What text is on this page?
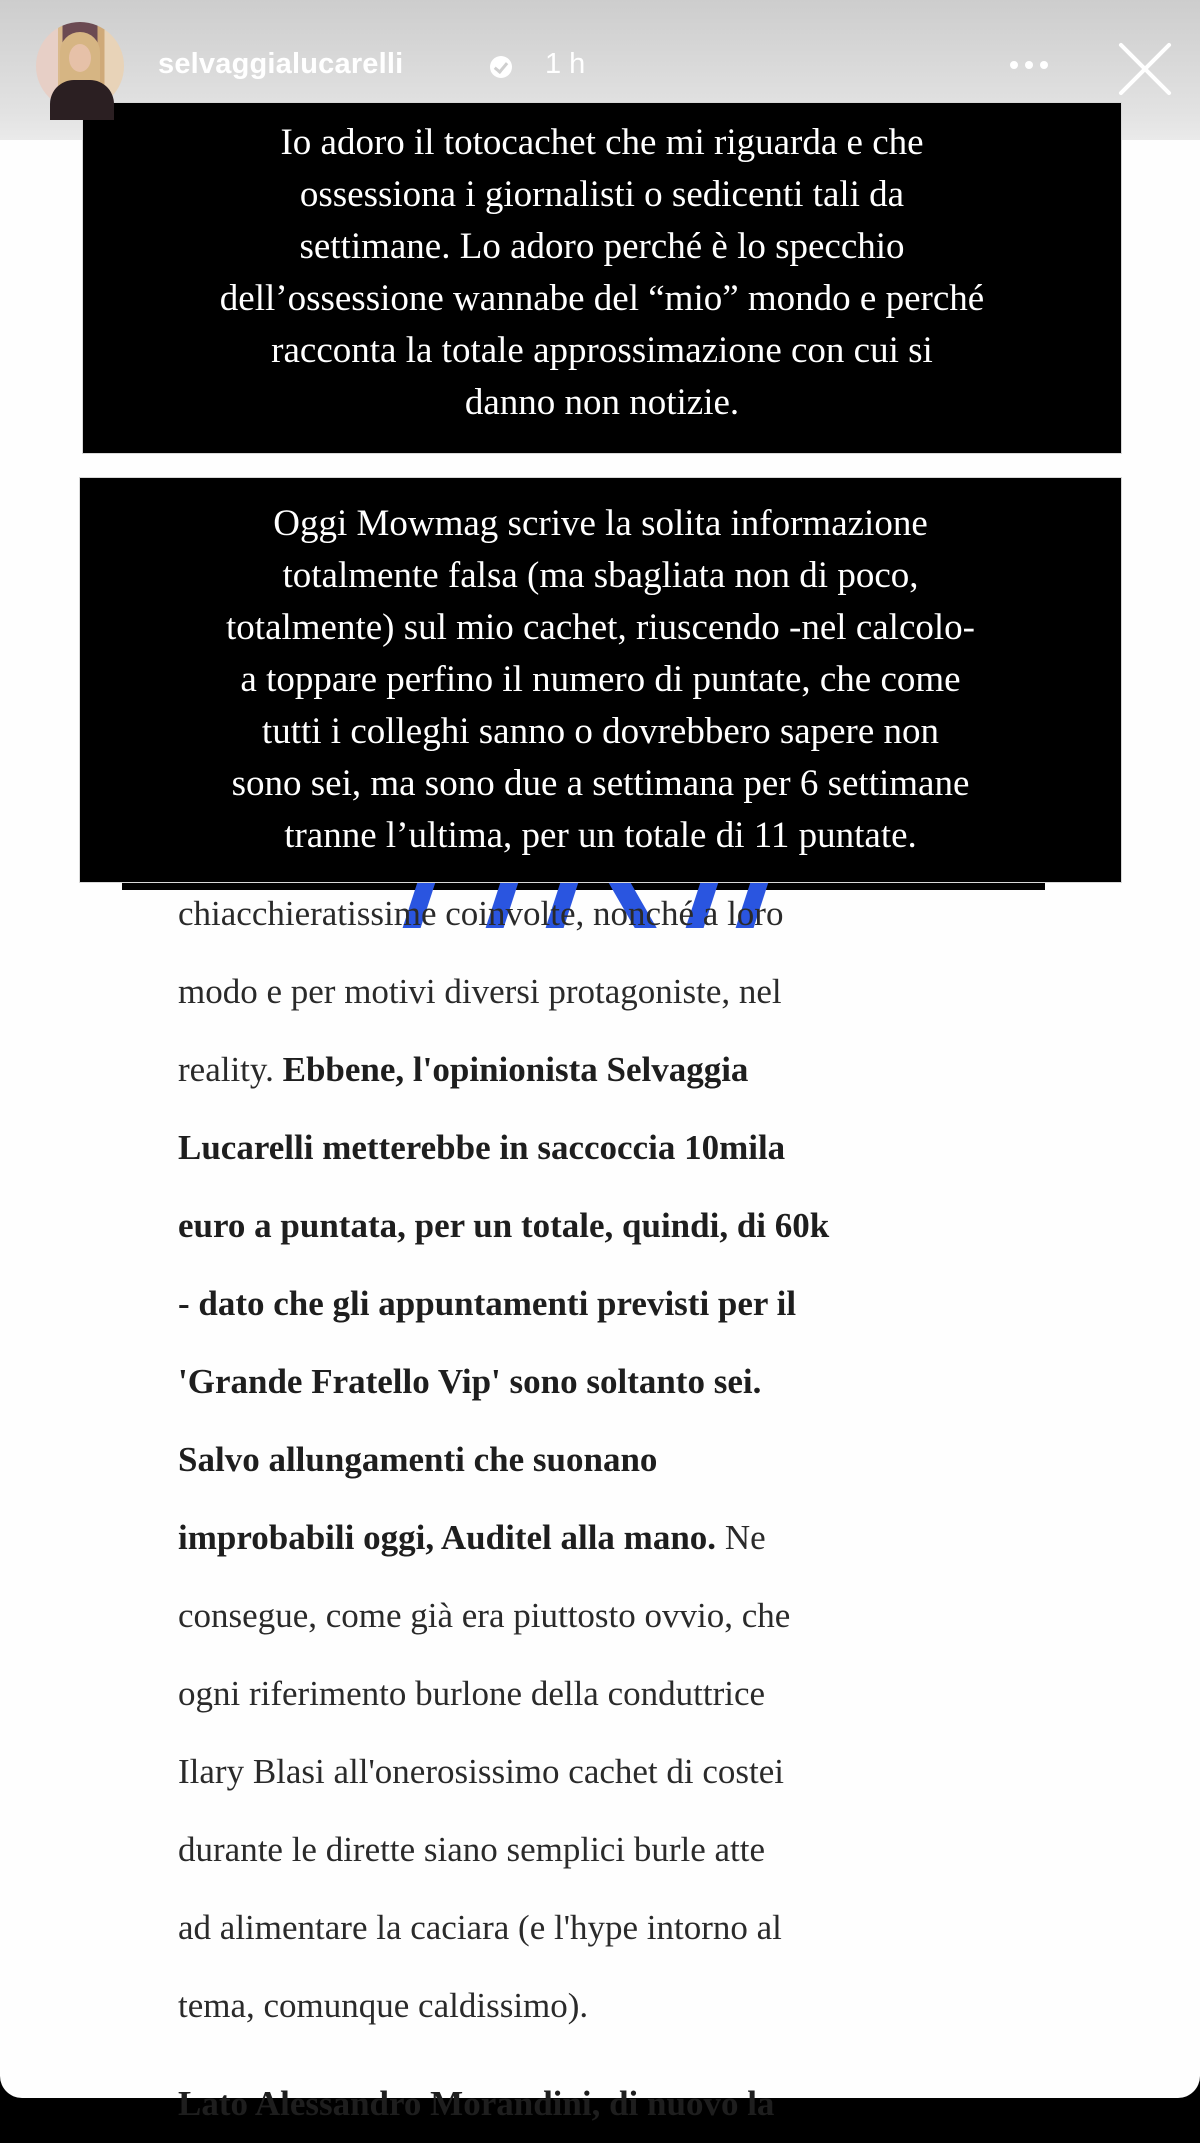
chiacchieratissime coinvolte, nonché a loro
modo e per motivi diversi protagoniste, nel
reality. Ebbene, l'opinionista Selvaggia
Lucarelli metterebbe in saccoccia 10mila
euro a puntata, per un totale, quindi, di 60k
- dato che gli appuntamenti previsti per il
'Grande Fratello Vip' sono soltanto sei.
Salvo allungamenti che suonano
improbabili oggi, Auditel alla mano. Ne
consegue, come già era piuttosto ovvio, che
ogni riferimento burlone della conduttrice
Ilary Blasi all'onerosissimo cachet di costei
durante le dirette siano semplici burle atte
ad alimentare la caciara (e l'hype intorno al
tema, comunque caldissimo).
Lato Alessandro Morandini, di nuovo la
Io adoro il totocachet che mi riguarda e che
ossessiona i giornalisti o sedicenti tali da
settimane. Lo adoro perché è lo specchio
dell’ossessione wannabe del “mio” mondo e perché
racconta la totale approssimazione con cui si
danno non notizie.
Oggi Mowmag scrive la solita informazione
totalmente falsa (ma sbagliata non di poco,
totalmente) sul mio cachet, riuscendo -nel calcolo-
a toppare perfino il numero di puntate, che come
tutti i colleghi sanno o dovrebbero sapere non
sono sei, ma sono due a settimana per 6 settimane
tranne l’ultima, per un totale di 11 puntate.
selvaggialucarelli	1 h
